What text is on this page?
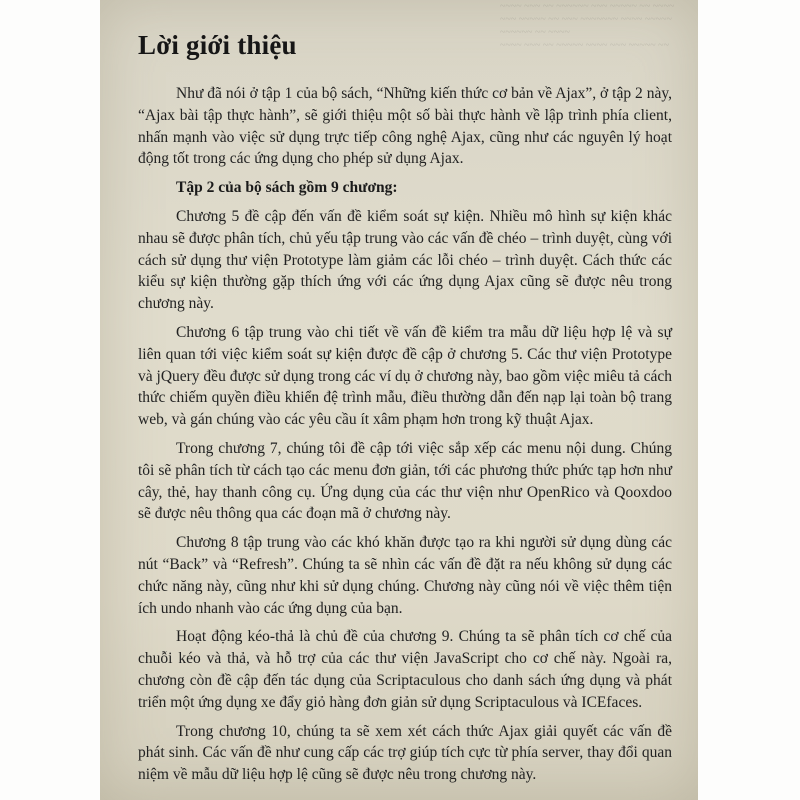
~~~~ ~~~ ~~ ~~~~~~ ~~~ ~~~~~ ~~ ~~~~
~~~ ~~~~~ ~~ ~~~ ~~~~~~~ ~~~~ ~~~~~
~~~~~~ ~~ ~~~~
~~~~ ~~~ ~~ ~~~~~ ~~~~ ~~~ ~~~~~ ~~
Lời giới thiệu

Như đã nói ở tập 1 của bộ sách, “Những kiến thức cơ bản về Ajax”, ở tập 2 này, “Ajax bài tập thực hành”, sẽ giới thiệu một số bài thực hành về lập trình phía client, nhấn mạnh vào việc sử dụng trực tiếp công nghệ Ajax, cũng như các nguyên lý hoạt động tốt trong các ứng dụng cho phép sử dụng Ajax.

Tập 2 của bộ sách gồm 9 chương:

Chương 5 đề cập đến vấn đề kiểm soát sự kiện. Nhiều mô hình sự kiện khác nhau sẽ được phân tích, chủ yếu tập trung vào các vấn đề chéo – trình duyệt, cùng với cách sử dụng thư viện Prototype làm giảm các lỗi chéo – trình duyệt. Cách thức các kiểu sự kiện thường gặp thích ứng với các ứng dụng Ajax cũng sẽ được nêu trong chương này.

Chương 6 tập trung vào chi tiết về vấn đề kiểm tra mẫu dữ liệu hợp lệ và sự liên quan tới việc kiểm soát sự kiện được đề cập ở chương 5. Các thư viện Prototype và jQuery đều được sử dụng trong các ví dụ ở chương này, bao gồm việc miêu tả cách thức chiếm quyền điều khiển đệ trình mẫu, điều thường dẫn đến nạp lại toàn bộ trang web, và gán chúng vào các yêu cầu ít xâm phạm hơn trong kỹ thuật Ajax.

Trong chương 7, chúng tôi đề cập tới việc sắp xếp các menu nội dung. Chúng tôi sẽ phân tích từ cách tạo các menu đơn giản, tới các phương thức phức tạp hơn như cây, thẻ, hay thanh công cụ. Ứng dụng của các thư viện như OpenRico và Qooxdoo sẽ được nêu thông qua các đoạn mã ở chương này.

Chương 8 tập trung vào các khó khăn được tạo ra khi người sử dụng dùng các nút “Back” và “Refresh”. Chúng ta sẽ nhìn các vấn đề đặt ra nếu không sử dụng các chức năng này, cũng như khi sử dụng chúng. Chương này cũng nói về việc thêm tiện ích undo nhanh vào các ứng dụng của bạn.

Hoạt động kéo-thả là chủ đề của chương 9. Chúng ta sẽ phân tích cơ chế của chuỗi kéo và thả, và hỗ trợ của các thư viện JavaScript cho cơ chế này. Ngoài ra, chương còn đề cập đến tác dụng của Scriptaculous cho danh sách ứng dụng và phát triển một ứng dụng xe đẩy giỏ hàng đơn giản sử dụng Scriptaculous và ICEfaces.

Trong chương 10, chúng ta sẽ xem xét cách thức Ajax giải quyết các vấn đề phát sinh. Các vấn đề như cung cấp các trợ giúp tích cực từ phía server, thay đổi quan niệm về mẫu dữ liệu hợp lệ cũng sẽ được nêu trong chương này.
